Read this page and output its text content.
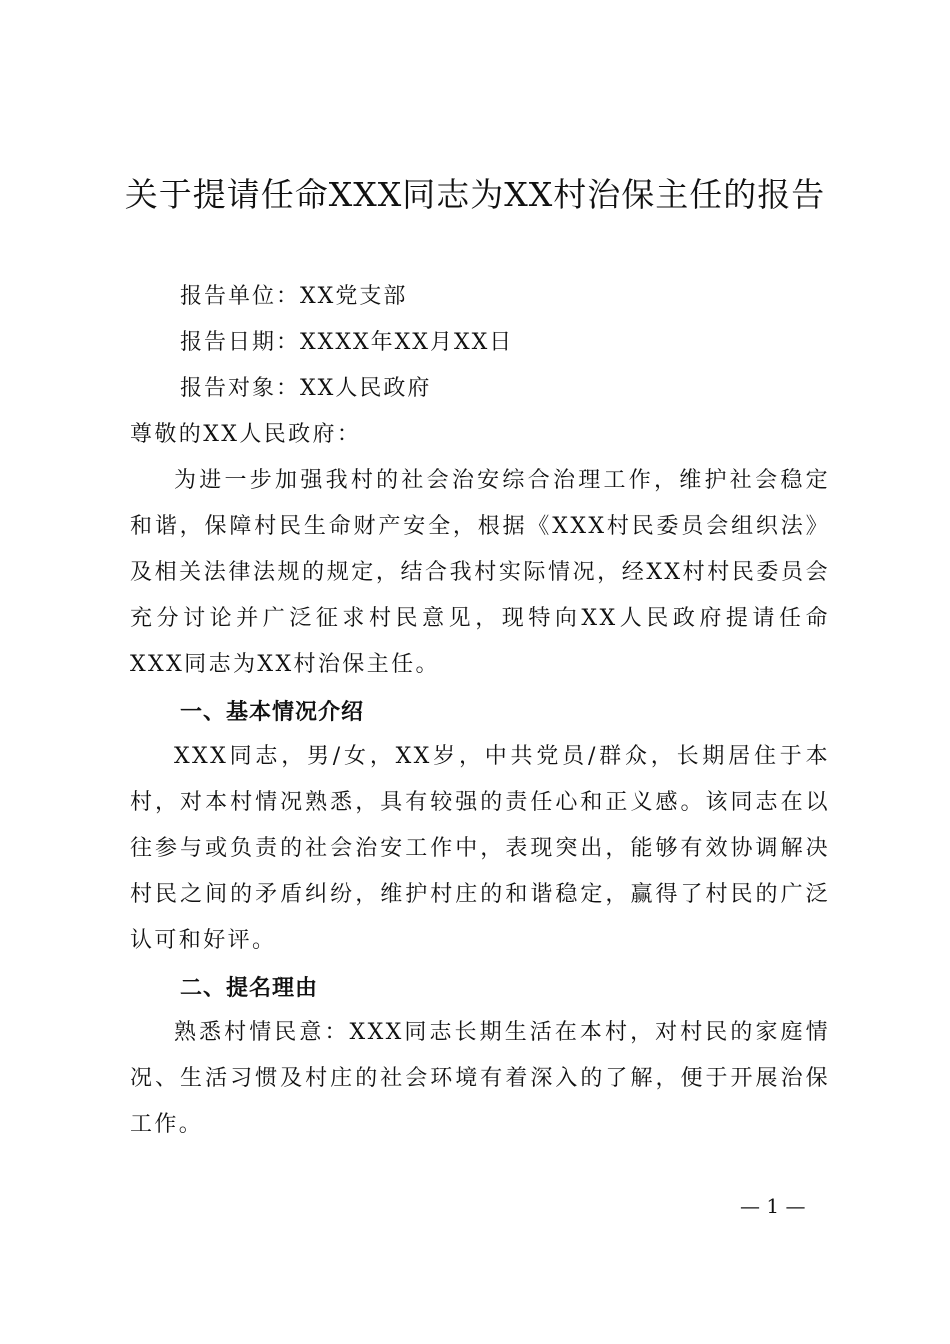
关于提请任命XXX同志为XX村治保主任的报告
报告单位：XX党支部
报告日期：XXXX年XX月XX日
报告对象：XX人民政府
尊敬的XX人民政府：
为进一步加强我村的社会治安综合治理工作，维护社会稳定和谐，保障村民生命财产安全，根据《XXX村民委员会组织法》及相关法律法规的规定，结合我村实际情况，经XX村村民委员会充分讨论并广泛征求村民意见，现特向XX人民政府提请任命XXX同志为XX村治保主任。
一、基本情况介绍
XXX同志，男/女，XX岁，中共党员/群众，长期居住于本村，对本村情况熟悉，具有较强的责任心和正义感。该同志在以往参与或负责的社会治安工作中，表现突出，能够有效协调解决村民之间的矛盾纠纷，维护村庄的和谐稳定，赢得了村民的广泛认可和好评。
二、提名理由
熟悉村情民意：XXX同志长期生活在本村，对村民的家庭情况、生活习惯及村庄的社会环境有着深入的了解，便于开展治保工作。
— 1 —
